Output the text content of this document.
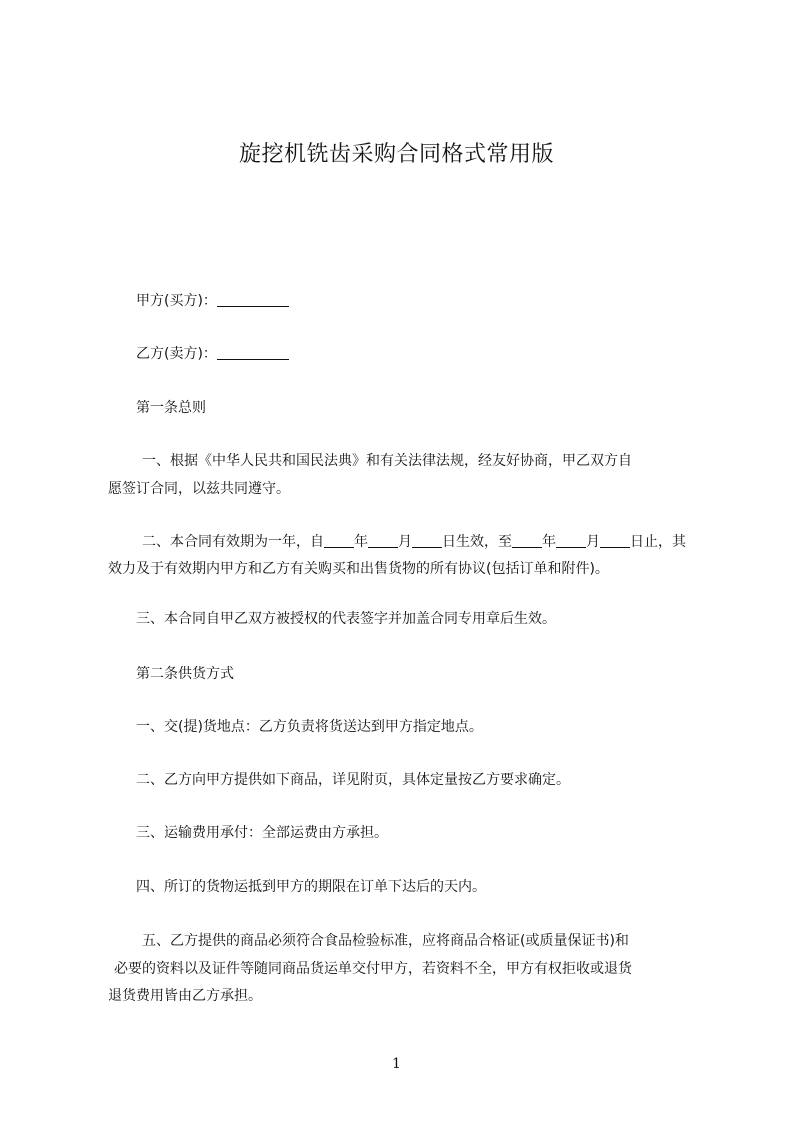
旋挖机铣齿采购合同格式常用版
甲方(买方)：
乙方(卖方)：
第一条总则
一、根据《中华人民共和国民法典》和有关法律法规，经友好协商，甲乙双方自
愿签订合同，以兹共同遵守。
二、本合同有效期为一年，自 年 月 日生效，至 年 月 日止，其
效力及于有效期内甲方和乙方有关购买和出售货物的所有协议(包括订单和附件)。
三、本合同自甲乙双方被授权的代表签字并加盖合同专用章后生效。
第二条供货方式
一、交(提)货地点：乙方负责将货送达到甲方指定地点。
二、乙方向甲方提供如下商品，详见附页，具体定量按乙方要求确定。
三、运输费用承付：全部运费由方承担。
四、所订的货物运抵到甲方的期限在订单下达后的天内。
五、乙方提供的商品必须符合食品检验标准，应将商品合格证(或质量保证书)和
必要的资料以及证件等随同商品货运单交付甲方，若资料不全，甲方有权拒收或退货
退货费用皆由乙方承担。
1
